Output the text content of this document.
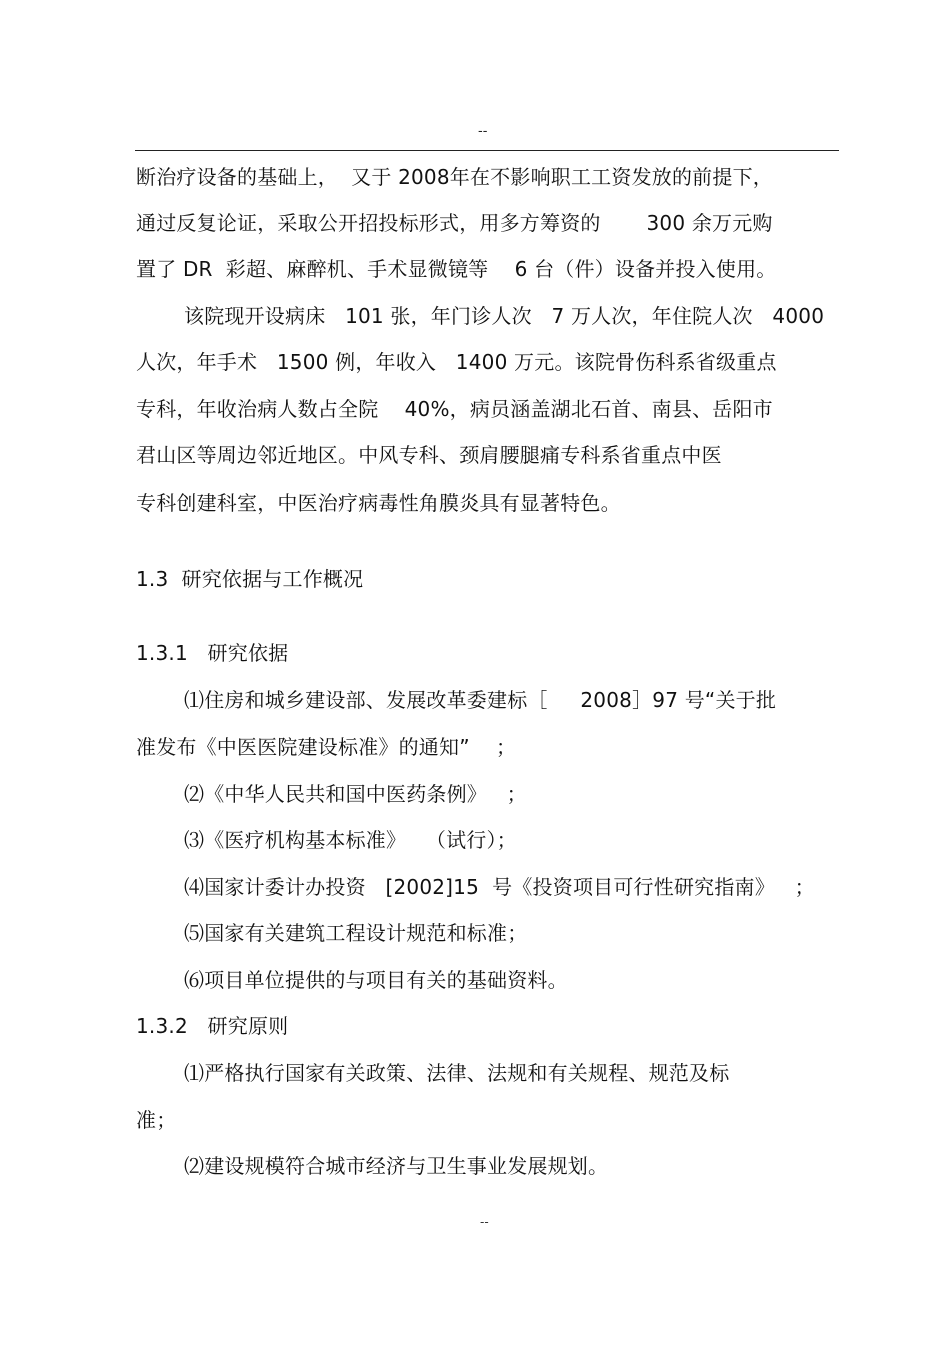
--
断治疗设备的基础上，  又于 2008年在不影响职工工资发放的前提下，
通过反复论证，采取公开招投标形式，用多方筹资的       300 余万元购
置了 DR  彩超、麻醉机、手术显微镜等    6 台（件）设备并投入使用。
该院现开设病床   101 张，年门诊人次   7 万人次，年住院人次   4000
人次，年手术   1500 例，年收入   1400 万元。该院骨伤科系省级重点
专科，年收治病人数占全院    40%，病员涵盖湖北石首、南县、岳阳市
君山区等周边邻近地区。中风专科、颈肩腰腿痛专科系省重点中医
专科创建科室，中医治疗病毒性角膜炎具有显著特色。
1.3  研究依据与工作概况
1.3.1   研究依据
⑴住房和城乡建设部、发展改革委建标［     2008］97 号“关于批
准发布《中医医院建设标准》的通知”    ；
⑵《中华人民共和国中医药条例》   ；
⑶《医疗机构基本标准》   （试行）；
⑷国家计委计办投资   [2002]15  号《投资项目可行性研究指南》   ；
⑸国家有关建筑工程设计规范和标准；
⑹项目单位提供的与项目有关的基础资料。
1.3.2   研究原则
⑴严格执行国家有关政策、法律、法规和有关规程、规范及标
准；
⑵建设规模符合城市经济与卫生事业发展规划。
--
